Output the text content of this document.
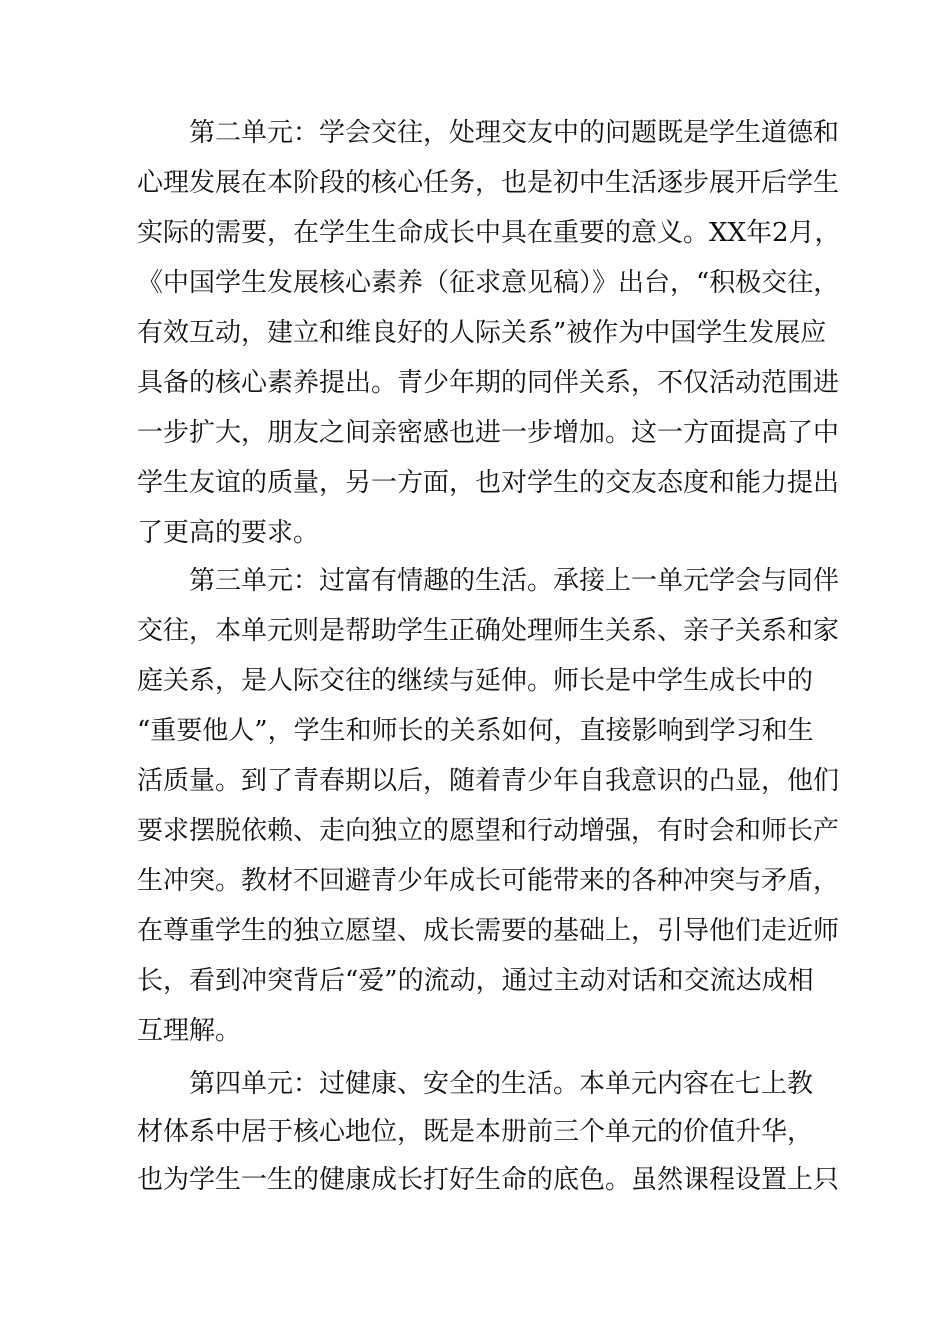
第二单元：学会交往，处理交友中的问题既是学生道德和
心理发展在本阶段的核心任务，也是初中生活逐步展开后学生
实际的需要，在学生生命成长中具在重要的意义。XX年2月，
《中国学生发展核心素养（征求意见稿）》出台，“积极交往，
有效互动，建立和维良好的人际关系”被作为中国学生发展应
具备的核心素养提出。青少年期的同伴关系，不仅活动范围进
一步扩大，朋友之间亲密感也进一步增加。这一方面提高了中
学生友谊的质量，另一方面，也对学生的交友态度和能力提出
了更高的要求。
第三单元：过富有情趣的生活。承接上一单元学会与同伴
交往，本单元则是帮助学生正确处理师生关系、亲子关系和家
庭关系，是人际交往的继续与延伸。师长是中学生成长中的
“重要他人”，学生和师长的关系如何，直接影响到学习和生
活质量。到了青春期以后，随着青少年自我意识的凸显，他们
要求摆脱依赖、走向独立的愿望和行动增强，有时会和师长产
生冲突。教材不回避青少年成长可能带来的各种冲突与矛盾，
在尊重学生的独立愿望、成长需要的基础上，引导他们走近师
长，看到冲突背后“爱”的流动，通过主动对话和交流达成相
互理解。
第四单元：过健康、安全的生活。本单元内容在七上教
材体系中居于核心地位，既是本册前三个单元的价值升华，
也为学生一生的健康成长打好生命的底色。虽然课程设置上只
